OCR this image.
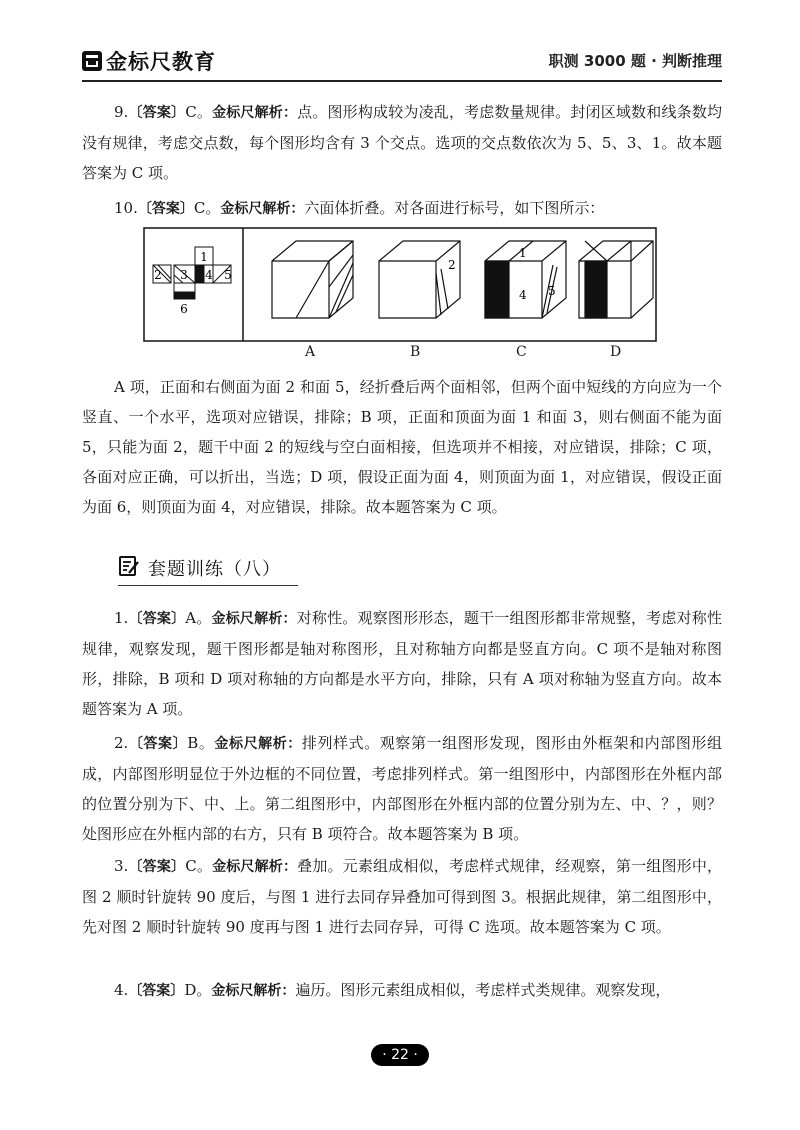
金标尺教育	职测 3000 题 · 判断推理
9.〔答案〕C。金标尺解析：点。图形构成较为凌乱，考虑数量规律。封闭区域数和线条数均没有规律，考虑交点数，每个图形均含有 3 个交点。选项的交点数依次为 5、5、3、1。故本题答案为 C 项。
10.〔答案〕C。金标尺解析：六面体折叠。对各面进行标号，如下图所示：
1
2 3 4 5
6
2
1
4 5
A	B	C	D
A 项，正面和右侧面为面 2 和面 5，经折叠后两个面相邻，但两个面中短线的方向应为一个竖直、一个水平，选项对应错误，排除；B 项，正面和顶面为面 1 和面 3，则右侧面不能为面 5，只能为面 2，题干中面 2 的短线与空白面相接，但选项并不相接，对应错误，排除；C 项，各面对应正确，可以折出，当选；D 项，假设正面为面 4，则顶面为面 1，对应错误，假设正面为面 6，则顶面为面 4，对应错误，排除。故本题答案为 C 项。
套题训练（八）
1.〔答案〕A。金标尺解析：对称性。观察图形形态，题干一组图形都非常规整，考虑对称性规律，观察发现，题干图形都是轴对称图形，且对称轴方向都是竖直方向。C 项不是轴对称图形，排除，B 项和 D 项对称轴的方向都是水平方向，排除，只有 A 项对称轴为竖直方向。故本题答案为 A 项。
2.〔答案〕B。金标尺解析：排列样式。观察第一组图形发现，图形由外框架和内部图形组成，内部图形明显位于外边框的不同位置，考虑排列样式。第一组图形中，内部图形在外框内部的位置分别为下、中、上。第二组图形中，内部图形在外框内部的位置分别为左、中、？，则？处图形应在外框内部的右方，只有 B 项符合。故本题答案为 B 项。
3.〔答案〕C。金标尺解析：叠加。元素组成相似，考虑样式规律，经观察，第一组图形中，图 2 顺时针旋转 90 度后，与图 1 进行去同存异叠加可得到图 3。根据此规律，第二组图形中，先对图 2 顺时针旋转 90 度再与图 1 进行去同存异，可得 C 选项。故本题答案为 C 项。
4.〔答案〕D。金标尺解析：遍历。图形元素组成相似，考虑样式类规律。观察发现，
· 22 ·
